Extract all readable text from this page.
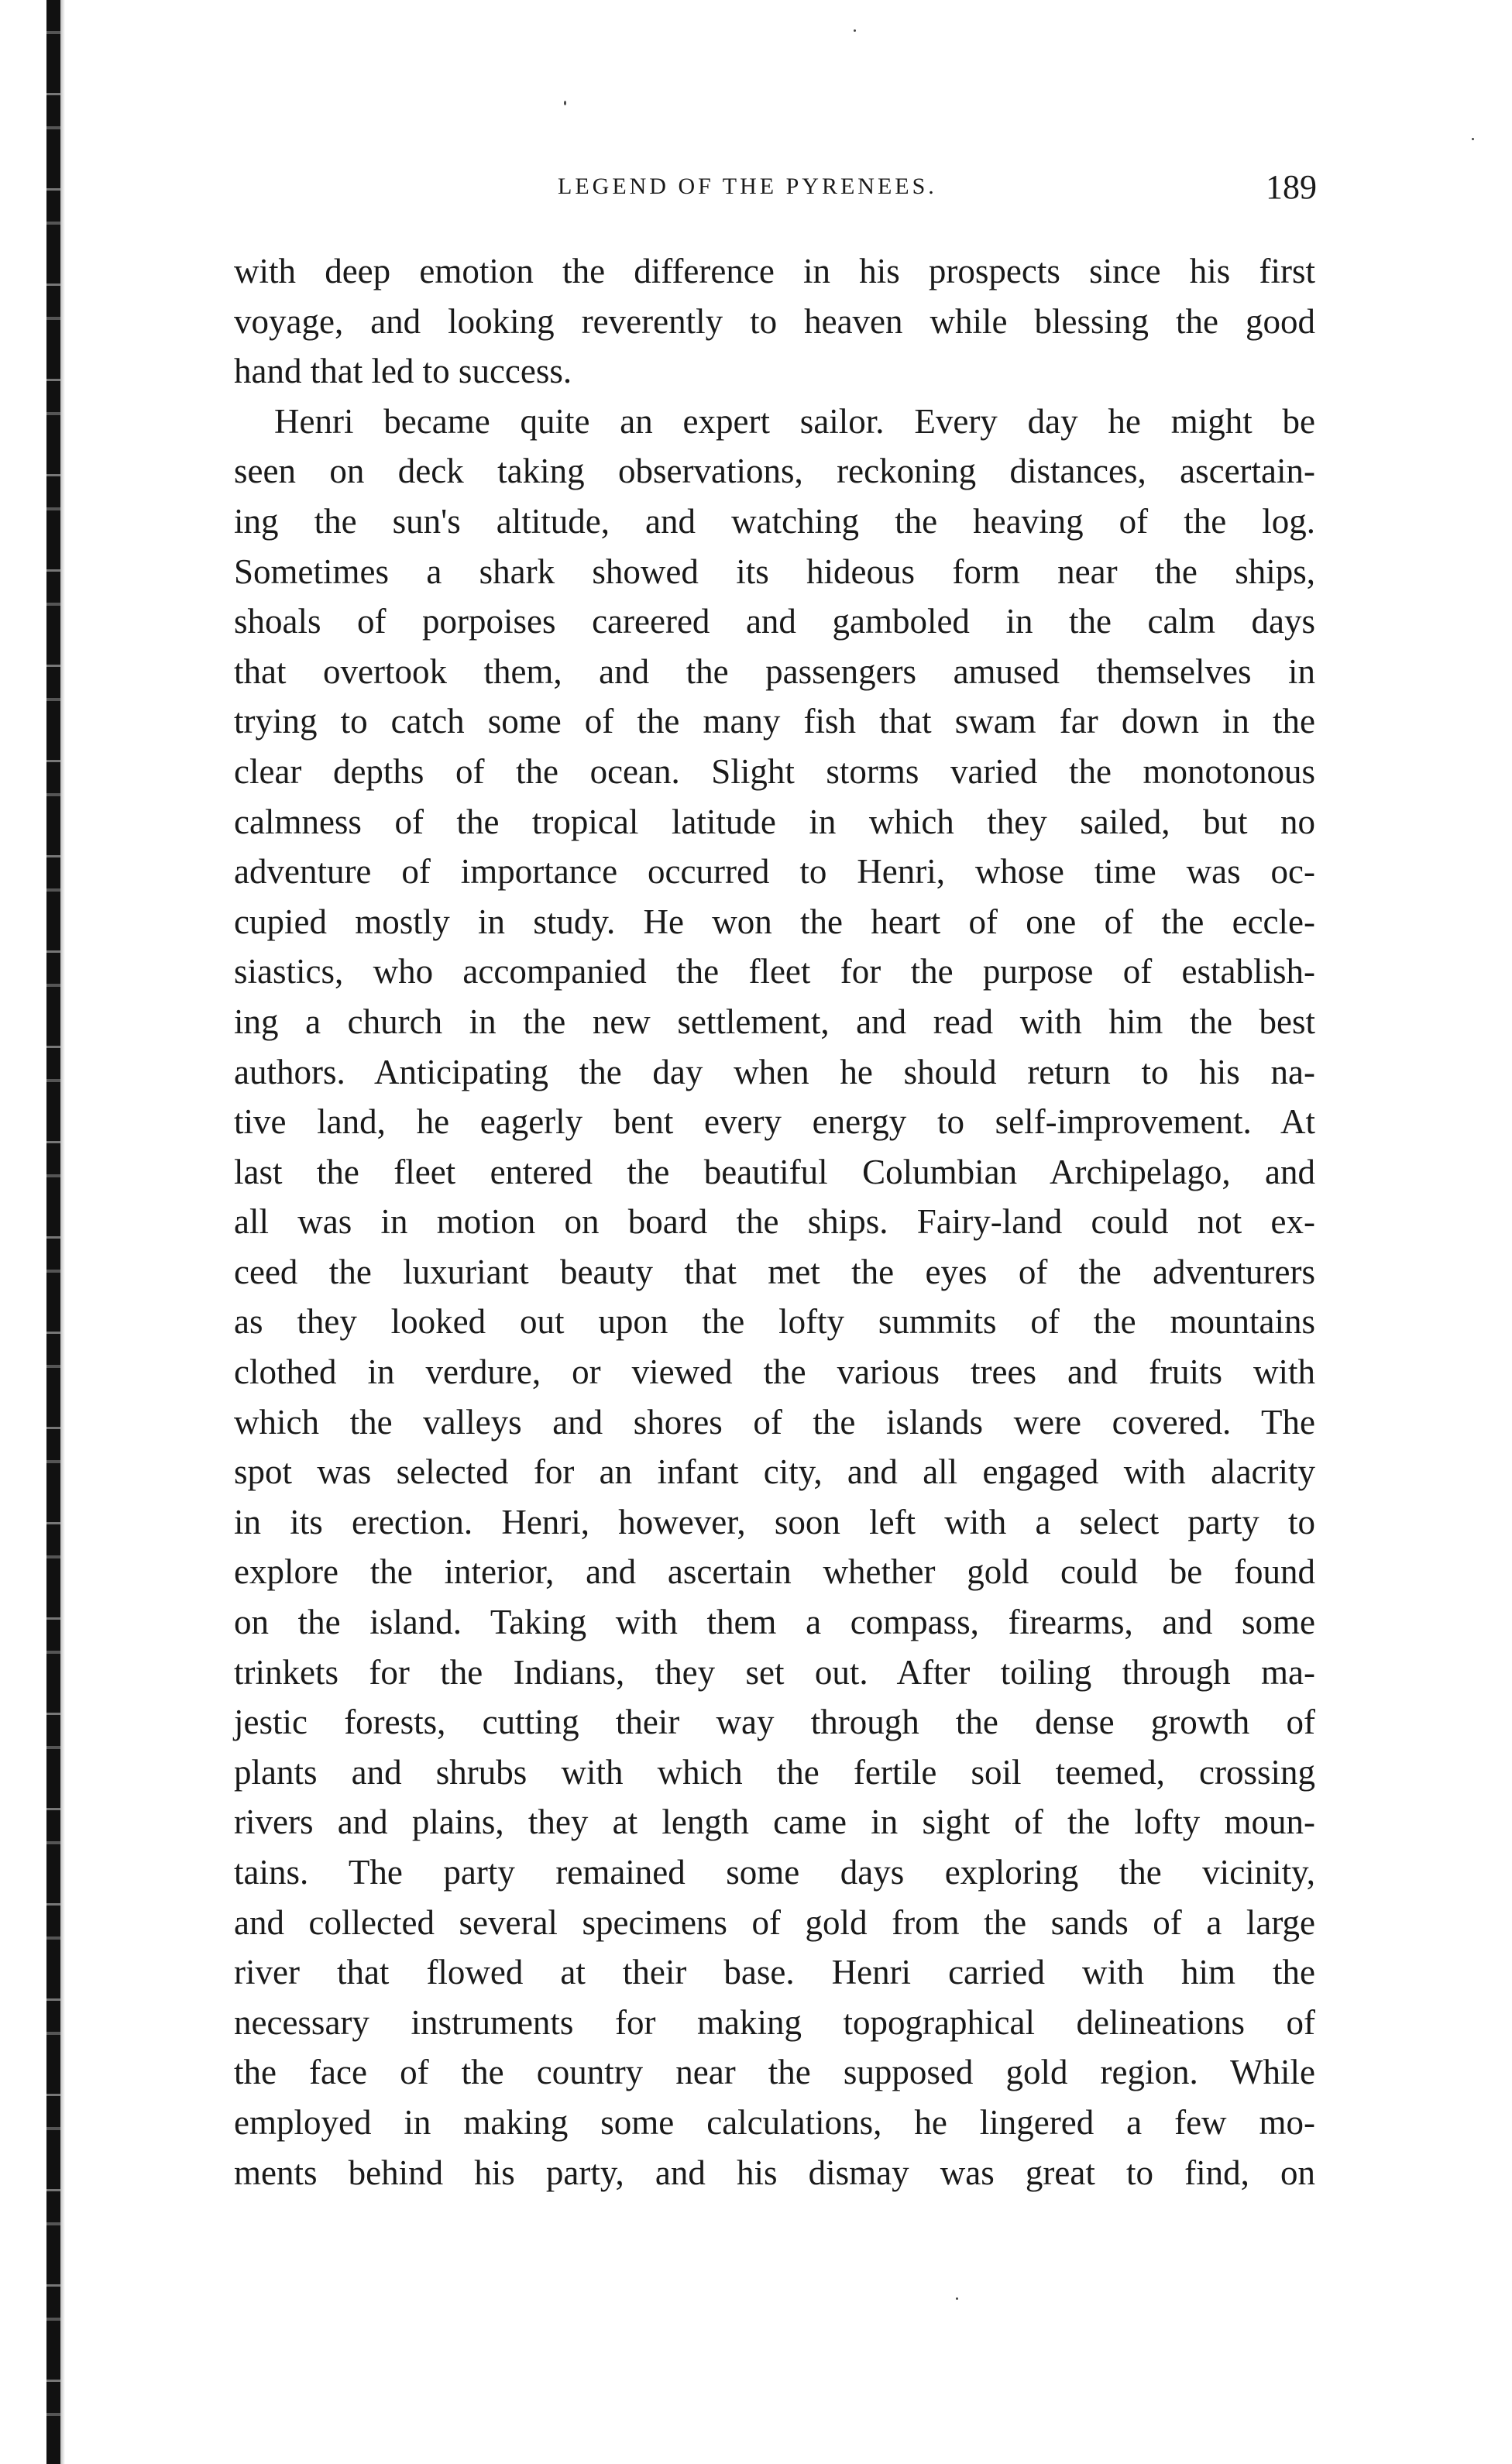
LEGEND OF THE PYRENEES.	189

with deep emotion the difference in his prospects since his first
voyage, and looking reverently to heaven while blessing the good
hand that led to success.

Henri became quite an expert sailor. Every day he might be
seen on deck taking observations, reckoning distances, ascertain-
ing the sun's altitude, and watching the heaving of the log.
Sometimes a shark showed its hideous form near the ships,
shoals of porpoises careered and gamboled in the calm days
that overtook them, and the passengers amused themselves in
trying to catch some of the many fish that swam far down in the
clear depths of the ocean. Slight storms varied the monotonous
calmness of the tropical latitude in which they sailed, but no
adventure of importance occurred to Henri, whose time was oc-
cupied mostly in study. He won the heart of one of the eccle-
siastics, who accompanied the fleet for the purpose of establish-
ing a church in the new settlement, and read with him the best
authors. Anticipating the day when he should return to his na-
tive land, he eagerly bent every energy to self-improvement. At
last the fleet entered the beautiful Columbian Archipelago, and
all was in motion on board the ships. Fairy-land could not ex-
ceed the luxuriant beauty that met the eyes of the adventurers
as they looked out upon the lofty summits of the mountains
clothed in verdure, or viewed the various trees and fruits with
which the valleys and shores of the islands were covered. The
spot was selected for an infant city, and all engaged with alacrity
in its erection. Henri, however, soon left with a select party to
explore the interior, and ascertain whether gold could be found
on the island. Taking with them a compass, firearms, and some
trinkets for the Indians, they set out. After toiling through ma-
jestic forests, cutting their way through the dense growth of
plants and shrubs with which the fertile soil teemed, crossing
rivers and plains, they at length came in sight of the lofty moun-
tains. The party remained some days exploring the vicinity,
and collected several specimens of gold from the sands of a large
river that flowed at their base. Henri carried with him the
necessary instruments for making topographical delineations of
the face of the country near the supposed gold region. While
employed in making some calculations, he lingered a few mo-
ments behind his party, and his dismay was great to find, on
